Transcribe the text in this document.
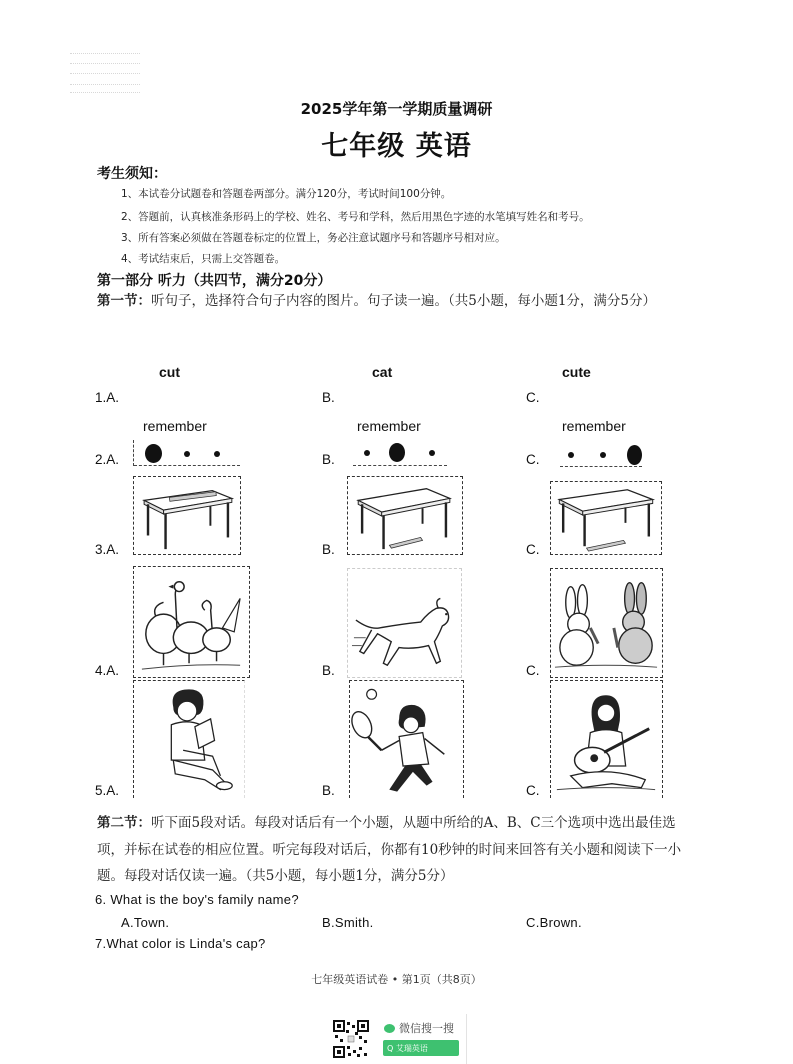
2025学年第一学期质量调研
七年级 英语
考生须知：
1、本试卷分试题卷和答题卷两部分。满分120分，考试时间100分钟。
2、答题前，认真核准条形码上的学校、姓名、考号和学科，然后用黑色字迹的水笔填写姓名和考号。
3、所有答案必须做在答题卷标定的位置上，务必注意试题序号和答题序号相对应。
4、考试结束后，只需上交答题卷。
第一部分 听力（共四节，满分20分）
第一节：听句子，选择符合句子内容的图片。句子读一遍。（共5小题，每小题1分，满分5分）
cut	cat	cute
1.A.	B.	C.
remember	remember	remember
2.A.	B.	C.
3.A.	B.	C.
4.A.	B.	C.
5.A.	B.	C.
第二节：听下面5段对话。每段对话后有一个小题，从题中所给的A、B、C三个选项中选出最佳选项，并标在试卷的相应位置。听完每段对话后，你都有10秒钟的时间来回答有关小题和阅读下一小题。每段对话仅读一遍。（共5小题，每小题1分，满分5分）
6. What is the boy's family name?
A.Town.	B.Smith.	C.Brown.
7.What color is Linda's cap?
七年级英语试卷 • 第1页（共8页）
微信搜一搜
Q 艾瑞英语
